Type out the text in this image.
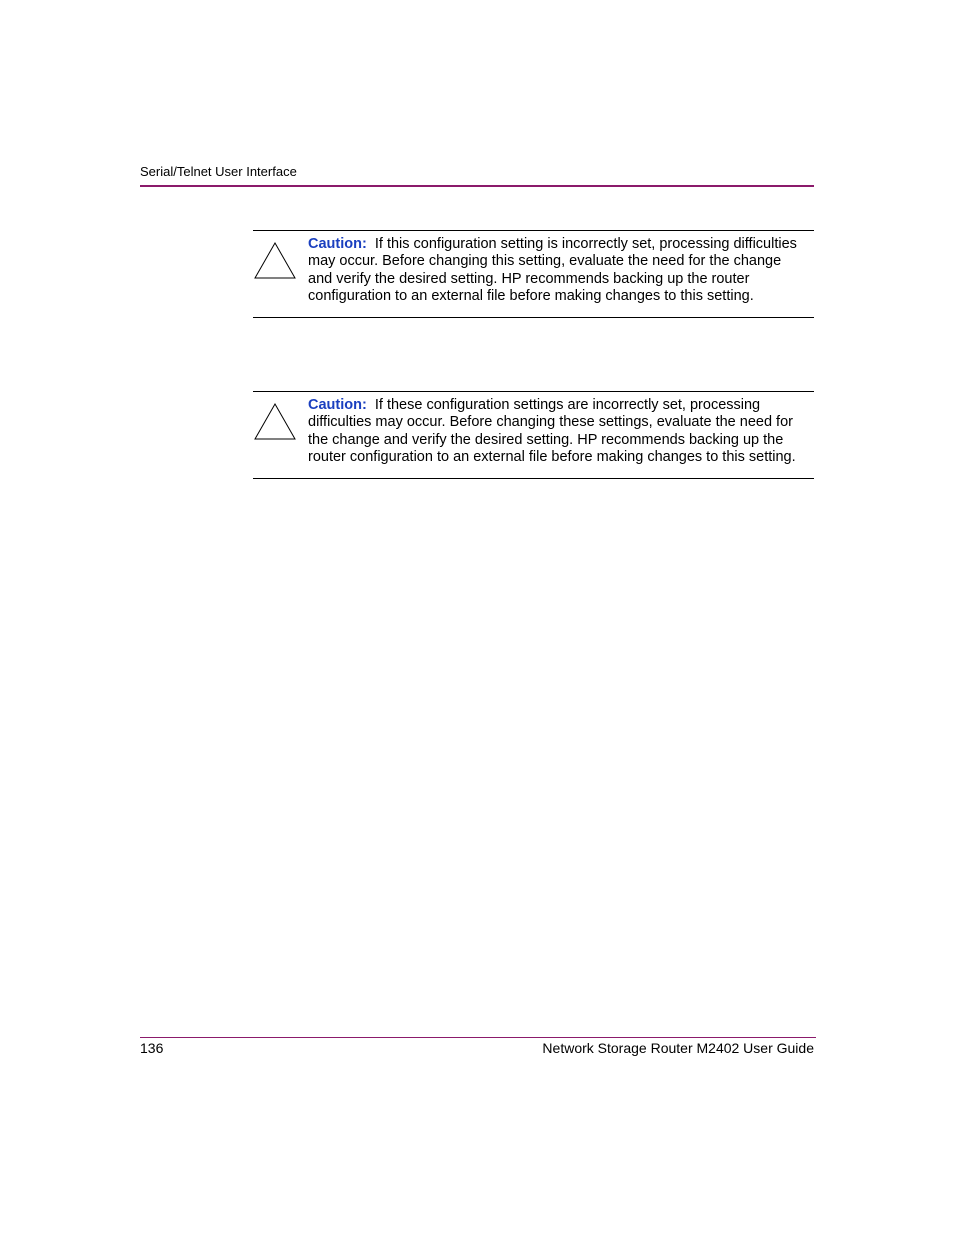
Serial/Telnet User Interface
Caution: If this configuration setting is incorrectly set, processing difficulties may occur. Before changing this setting, evaluate the need for the change and verify the desired setting. HP recommends backing up the router configuration to an external file before making changes to this setting.
Caution: If these configuration settings are incorrectly set, processing difficulties may occur. Before changing these settings, evaluate the need for the change and verify the desired setting. HP recommends backing up the router configuration to an external file before making changes to this setting.
136	Network Storage Router M2402 User Guide
